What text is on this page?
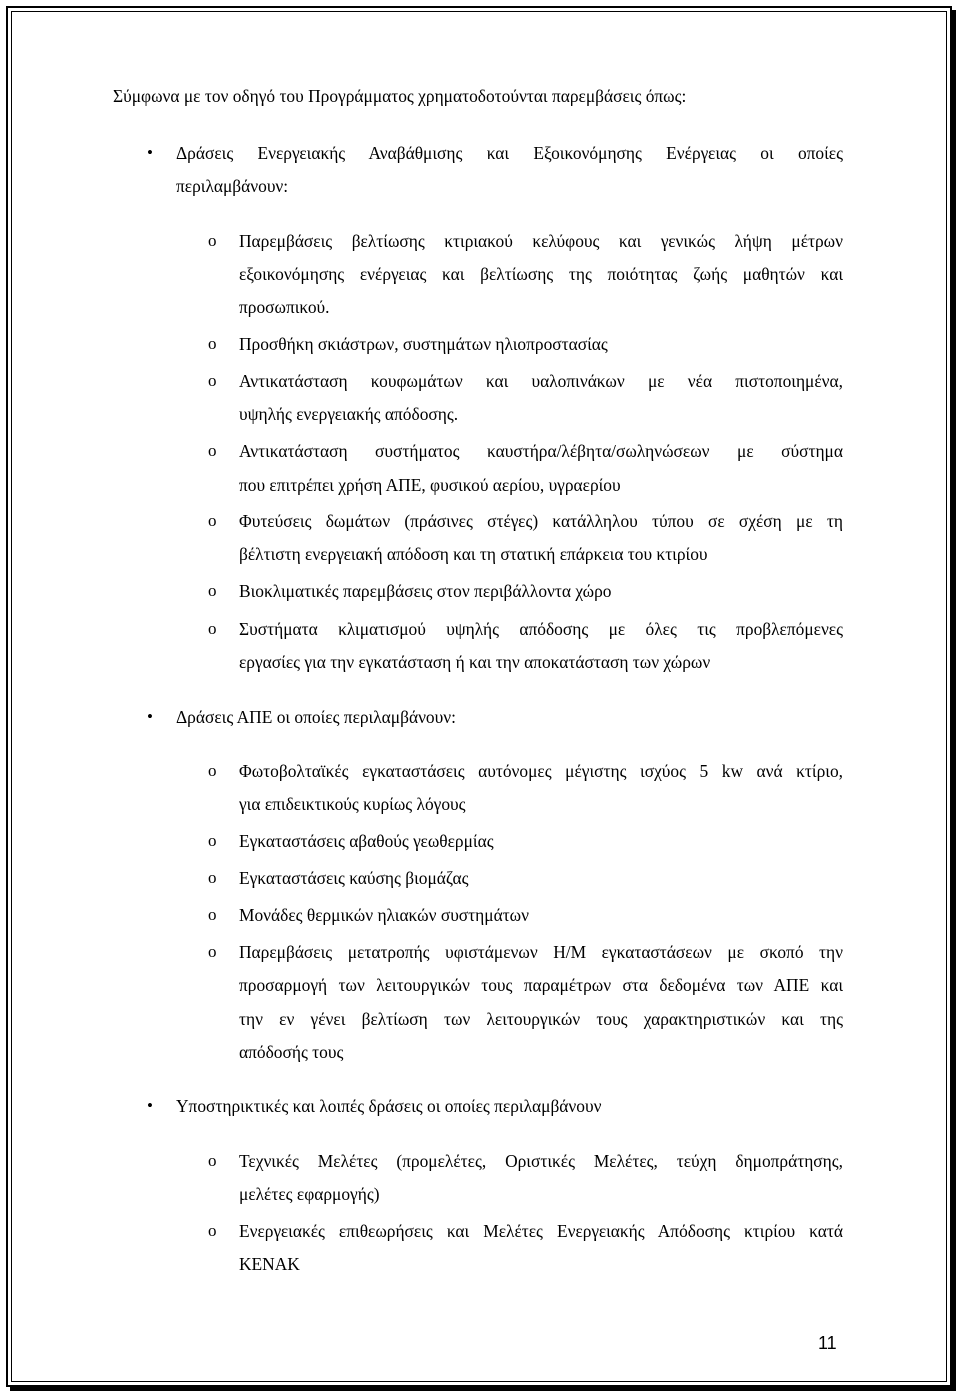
Σύμφωνα με τον οδηγό του Προγράμματος χρηματοδοτούνται παρεμβάσεις όπως:
• Δράσεις Ενεργειακής Αναβάθμισης και Εξοικονόμησης Ενέργειας οι οποίες
περιλαμβάνουν:
o Παρεμβάσεις βελτίωσης κτιριακού κελύφους και γενικώς λήψη μέτρων
εξοικονόμησης ενέργειας και βελτίωσης της ποιότητας ζωής μαθητών και
προσωπικού.
o Προσθήκη σκιάστρων, συστημάτων ηλιοπροστασίας
o Αντικατάσταση κουφωμάτων και υαλοπινάκων με νέα πιστοποιημένα,
υψηλής ενεργειακής απόδοσης.
o Αντικατάσταση συστήματος καυστήρα/λέβητα/σωληνώσεων με σύστημα
που επιτρέπει χρήση ΑΠΕ, φυσικού αερίου, υγραερίου
o Φυτεύσεις δωμάτων (πράσινες στέγες) κατάλληλου τύπου σε σχέση με τη
βέλτιστη ενεργειακή απόδοση και τη στατική επάρκεια του κτιρίου
o Βιοκλιματικές παρεμβάσεις στον περιβάλλοντα χώρο
o Συστήματα κλιματισμού υψηλής απόδοσης με όλες τις προβλεπόμενες
εργασίες για την εγκατάσταση ή και την αποκατάσταση των χώρων
• Δράσεις ΑΠΕ οι οποίες περιλαμβάνουν:
o Φωτοβολταϊκές εγκαταστάσεις αυτόνομες μέγιστης ισχύος 5 kw ανά κτίριο,
για επιδεικτικούς κυρίως λόγους
o Εγκαταστάσεις αβαθούς γεωθερμίας
o Εγκαταστάσεις καύσης βιομάζας
o Μονάδες θερμικών ηλιακών συστημάτων
o Παρεμβάσεις μετατροπής υφιστάμενων Η/Μ εγκαταστάσεων με σκοπό την
προσαρμογή των λειτουργικών τους παραμέτρων στα δεδομένα των ΑΠΕ και
την εν γένει βελτίωση των λειτουργικών τους χαρακτηριστικών και της
απόδοσής τους
• Υποστηρικτικές και λοιπές δράσεις οι οποίες περιλαμβάνουν
o Τεχνικές Μελέτες (προμελέτες, Οριστικές Μελέτες, τεύχη δημοπράτησης,
μελέτες εφαρμογής)
o Ενεργειακές επιθεωρήσεις και Μελέτες Ενεργειακής Απόδοσης κτιρίου κατά
ΚΕΝΑΚ
11
